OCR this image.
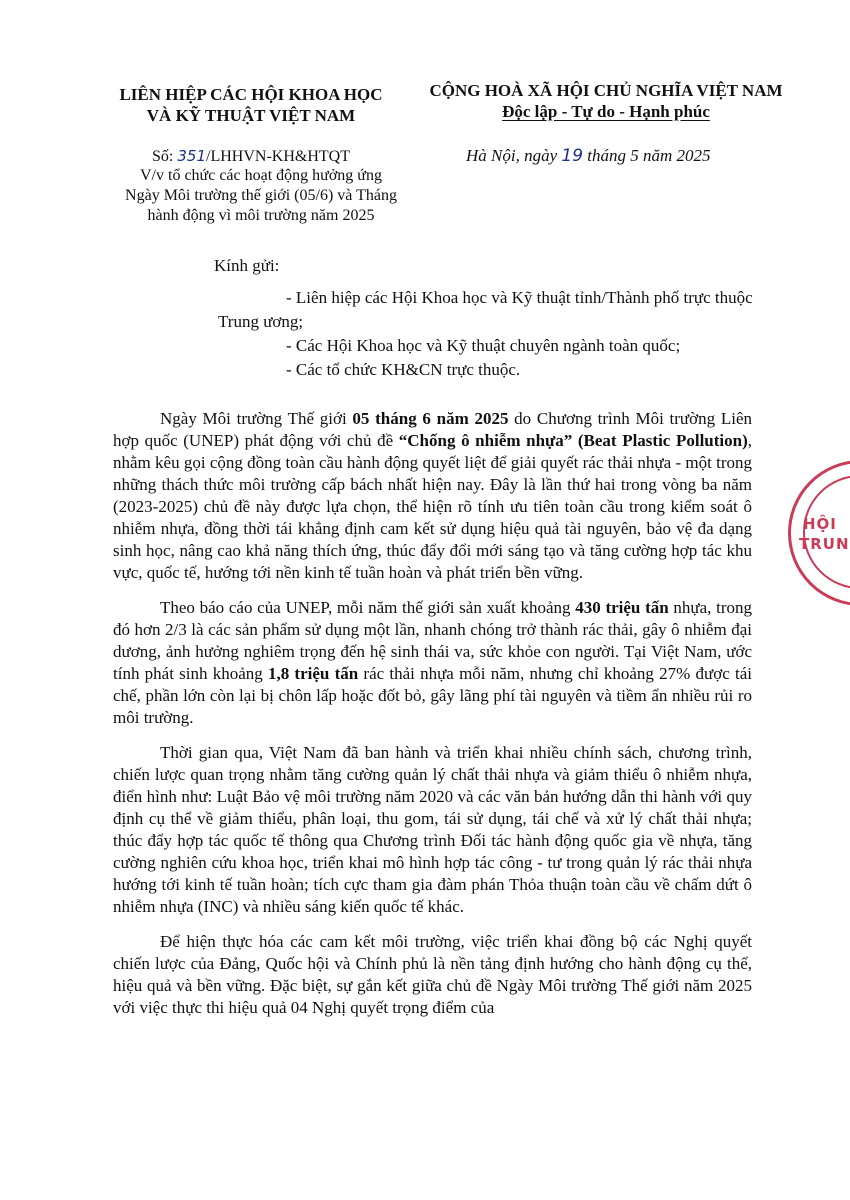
LIÊN HIỆP CÁC HỘI KHOA HỌC
VÀ KỸ THUẬT VIỆT NAM
CỘNG HOÀ XÃ HỘI CHỦ NGHĨA VIỆT NAM
Độc lập - Tự do - Hạnh phúc
Số: 351/LHHVN-KH&HTQT
V/v tổ chức các hoạt động hưởng ứng
Ngày Môi trường thế giới (05/6) và Tháng
hành động vì môi trường năm 2025
Hà Nội, ngày 19 tháng 5 năm 2025
Kính gửi:
- Liên hiệp các Hội Khoa học và Kỹ thuật tỉnh/Thành phố trực thuộc Trung ương;
- Các Hội Khoa học và Kỹ thuật chuyên ngành toàn quốc;
- Các tổ chức KH&CN trực thuộc.

Ngày Môi trường Thế giới 05 tháng 6 năm 2025 do Chương trình Môi trường Liên hợp quốc (UNEP) phát động với chủ đề “Chống ô nhiễm nhựa” (Beat Plastic Pollution), nhằm kêu gọi cộng đồng toàn cầu hành động quyết liệt để giải quyết rác thải nhựa - một trong những thách thức môi trường cấp bách nhất hiện nay. Đây là lần thứ hai trong vòng ba năm (2023-2025) chủ đề này được lựa chọn, thể hiện rõ tính ưu tiên toàn cầu trong kiểm soát ô nhiễm nhựa, đồng thời tái khẳng định cam kết sử dụng hiệu quả tài nguyên, bảo vệ đa dạng sinh học, nâng cao khả năng thích ứng, thúc đẩy đổi mới sáng tạo và tăng cường hợp tác khu vực, quốc tế, hướng tới nền kinh tế tuần hoàn và phát triển bền vững.

Theo báo cáo của UNEP, mỗi năm thế giới sản xuất khoảng 430 triệu tấn nhựa, trong đó hơn 2/3 là các sản phẩm sử dụng một lần, nhanh chóng trở thành rác thải, gây ô nhiễm đại dương, ảnh hưởng nghiêm trọng đến hệ sinh thái va, sức khỏe con người. Tại Việt Nam, ước tính phát sinh khoảng 1,8 triệu tấn rác thải nhựa mỗi năm, nhưng chỉ khoảng 27% được tái chế, phần lớn còn lại bị chôn lấp hoặc đốt bỏ, gây lãng phí tài nguyên và tiềm ẩn nhiều rủi ro môi trường.

Thời gian qua, Việt Nam đã ban hành và triển khai nhiều chính sách, chương trình, chiến lược quan trọng nhằm tăng cường quản lý chất thải nhựa và giảm thiểu ô nhiễm nhựa, điển hình như: Luật Bảo vệ môi trường năm 2020 và các văn bản hướng dẫn thi hành với quy định cụ thể về giảm thiểu, phân loại, thu gom, tái sử dụng, tái chế và xử lý chất thải nhựa; thúc đẩy hợp tác quốc tế thông qua Chương trình Đối tác hành động quốc gia về nhựa, tăng cường nghiên cứu khoa học, triển khai mô hình hợp tác công - tư trong quản lý rác thải nhựa hướng tới kinh tế tuần hoàn; tích cực tham gia đàm phán Thỏa thuận toàn cầu về chấm dứt ô nhiễm nhựa (INC) và nhiều sáng kiến quốc tế khác.

Để hiện thực hóa các cam kết môi trường, việc triển khai đồng bộ các Nghị quyết chiến lược của Đảng, Quốc hội và Chính phủ là nền tảng định hướng cho hành động cụ thể, hiệu quả và bền vững. Đặc biệt, sự gắn kết giữa chủ đề Ngày Môi trường Thế giới năm 2025 với việc thực thi hiệu quả 04 Nghị quyết trọng điểm của

HỘI
TRUN
